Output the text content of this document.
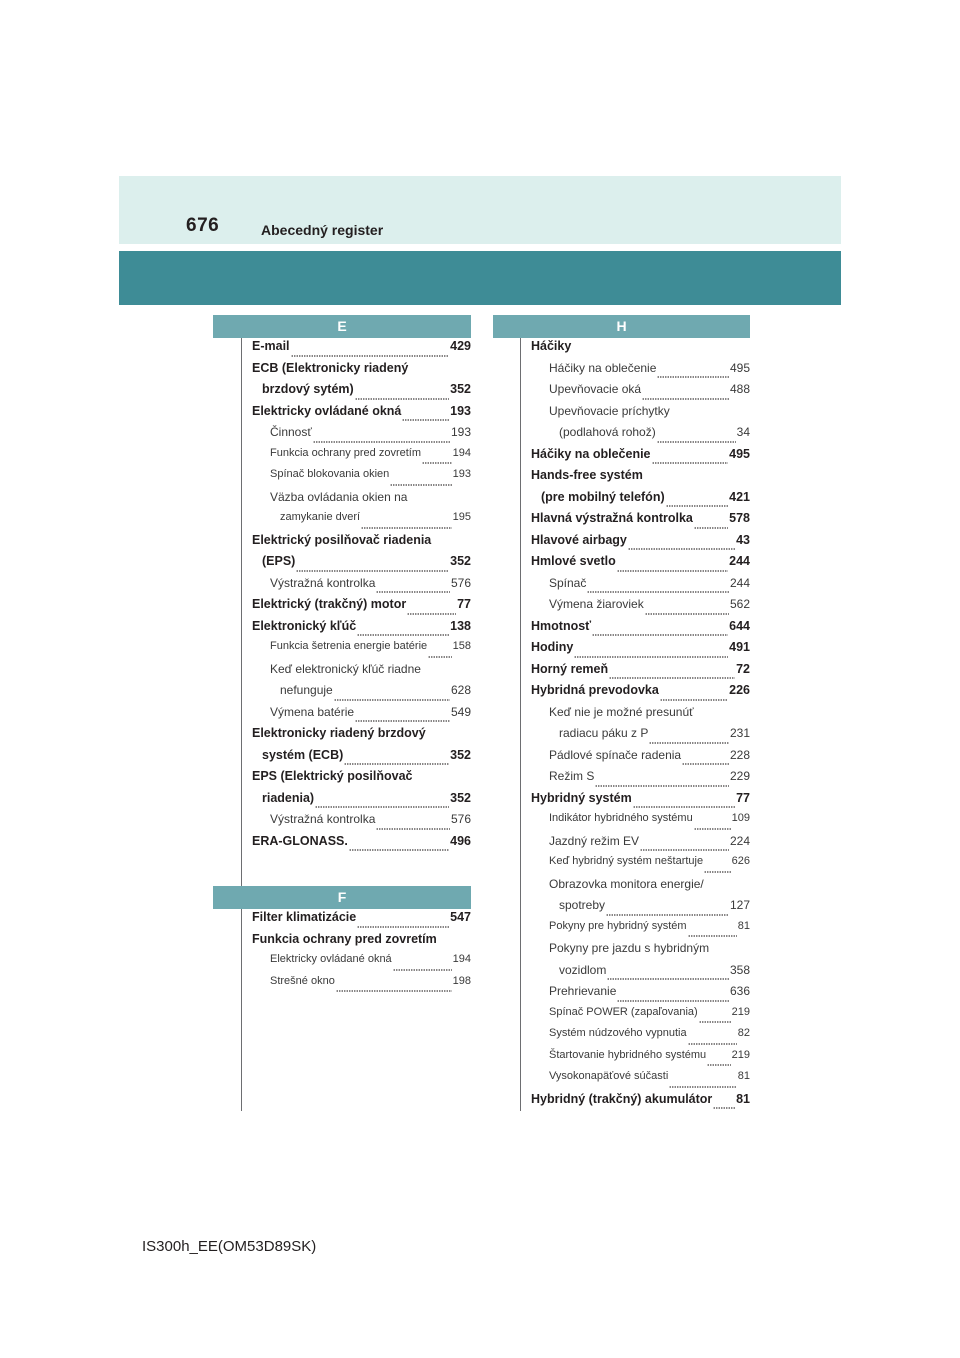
676	Abecedný register
E
E-mail	429
ECB (Elektronicky riadený
brzdový sytém)	352
Elektricky ovládané okná	193
Činnosť	193
Funkcia ochrany pred zovretím	194
Spínač blokovania okien	193
Väzba ovládania okien na
zamykanie dverí	195
Elektrický posilňovač riadenia
(EPS)	352
Výstražná kontrolka	576
Elektrický (trakčný) motor	77
Elektronický kľúč	138
Funkcia šetrenia energie batérie 158
Keď elektronický kľúč riadne
nefunguje	628
Výmena batérie	549
Elektronicky riadený brzdový
systém (ECB)	352
EPS (Elektrický posilňovač
riadenia)	352
Výstražná kontrolka	576
ERA-GLONASS.	496
F
Filter klimatizácie	547
Funkcia ochrany pred zovretím
Elektricky ovládané okná	194
Strešné okno	198
H
Háčiky
Háčiky na oblečenie	495
Upevňovacie oká	488
Upevňovacie príchytky
(podlahová rohož)	34
Háčiky na oblečenie	495
Hands-free systém
(pre mobilný telefón)	421
Hlavná výstražná kontrolka	578
Hlavové airbagy	43
Hmlové svetlo	244
Spínač	244
Výmena žiaroviek	562
Hmotnosť	644
Hodiny	491
Horný remeň	72
Hybridná prevodovka	226
Keď nie je možné presunúť
radiacu páku z P	231
Pádlové spínače radenia	228
Režim S	229
Hybridný systém	77
Indikátor hybridného systému	109
Jazdný režim EV	224
Keď hybridný systém neštartuje	626
Obrazovka monitora energie/
spotreby	127
Pokyny pre hybridný systém	81
Pokyny pre jazdu s hybridným
vozidlom	358
Prehrievanie	636
Spínač POWER (zapaľovania)	219
Systém núdzového vypnutia	82
Štartovanie hybridného systému 219
Vysokonapäťové súčasti	81
Hybridný (trakčný) akumulátor 81
IS300h_EE(OM53D89SK)
